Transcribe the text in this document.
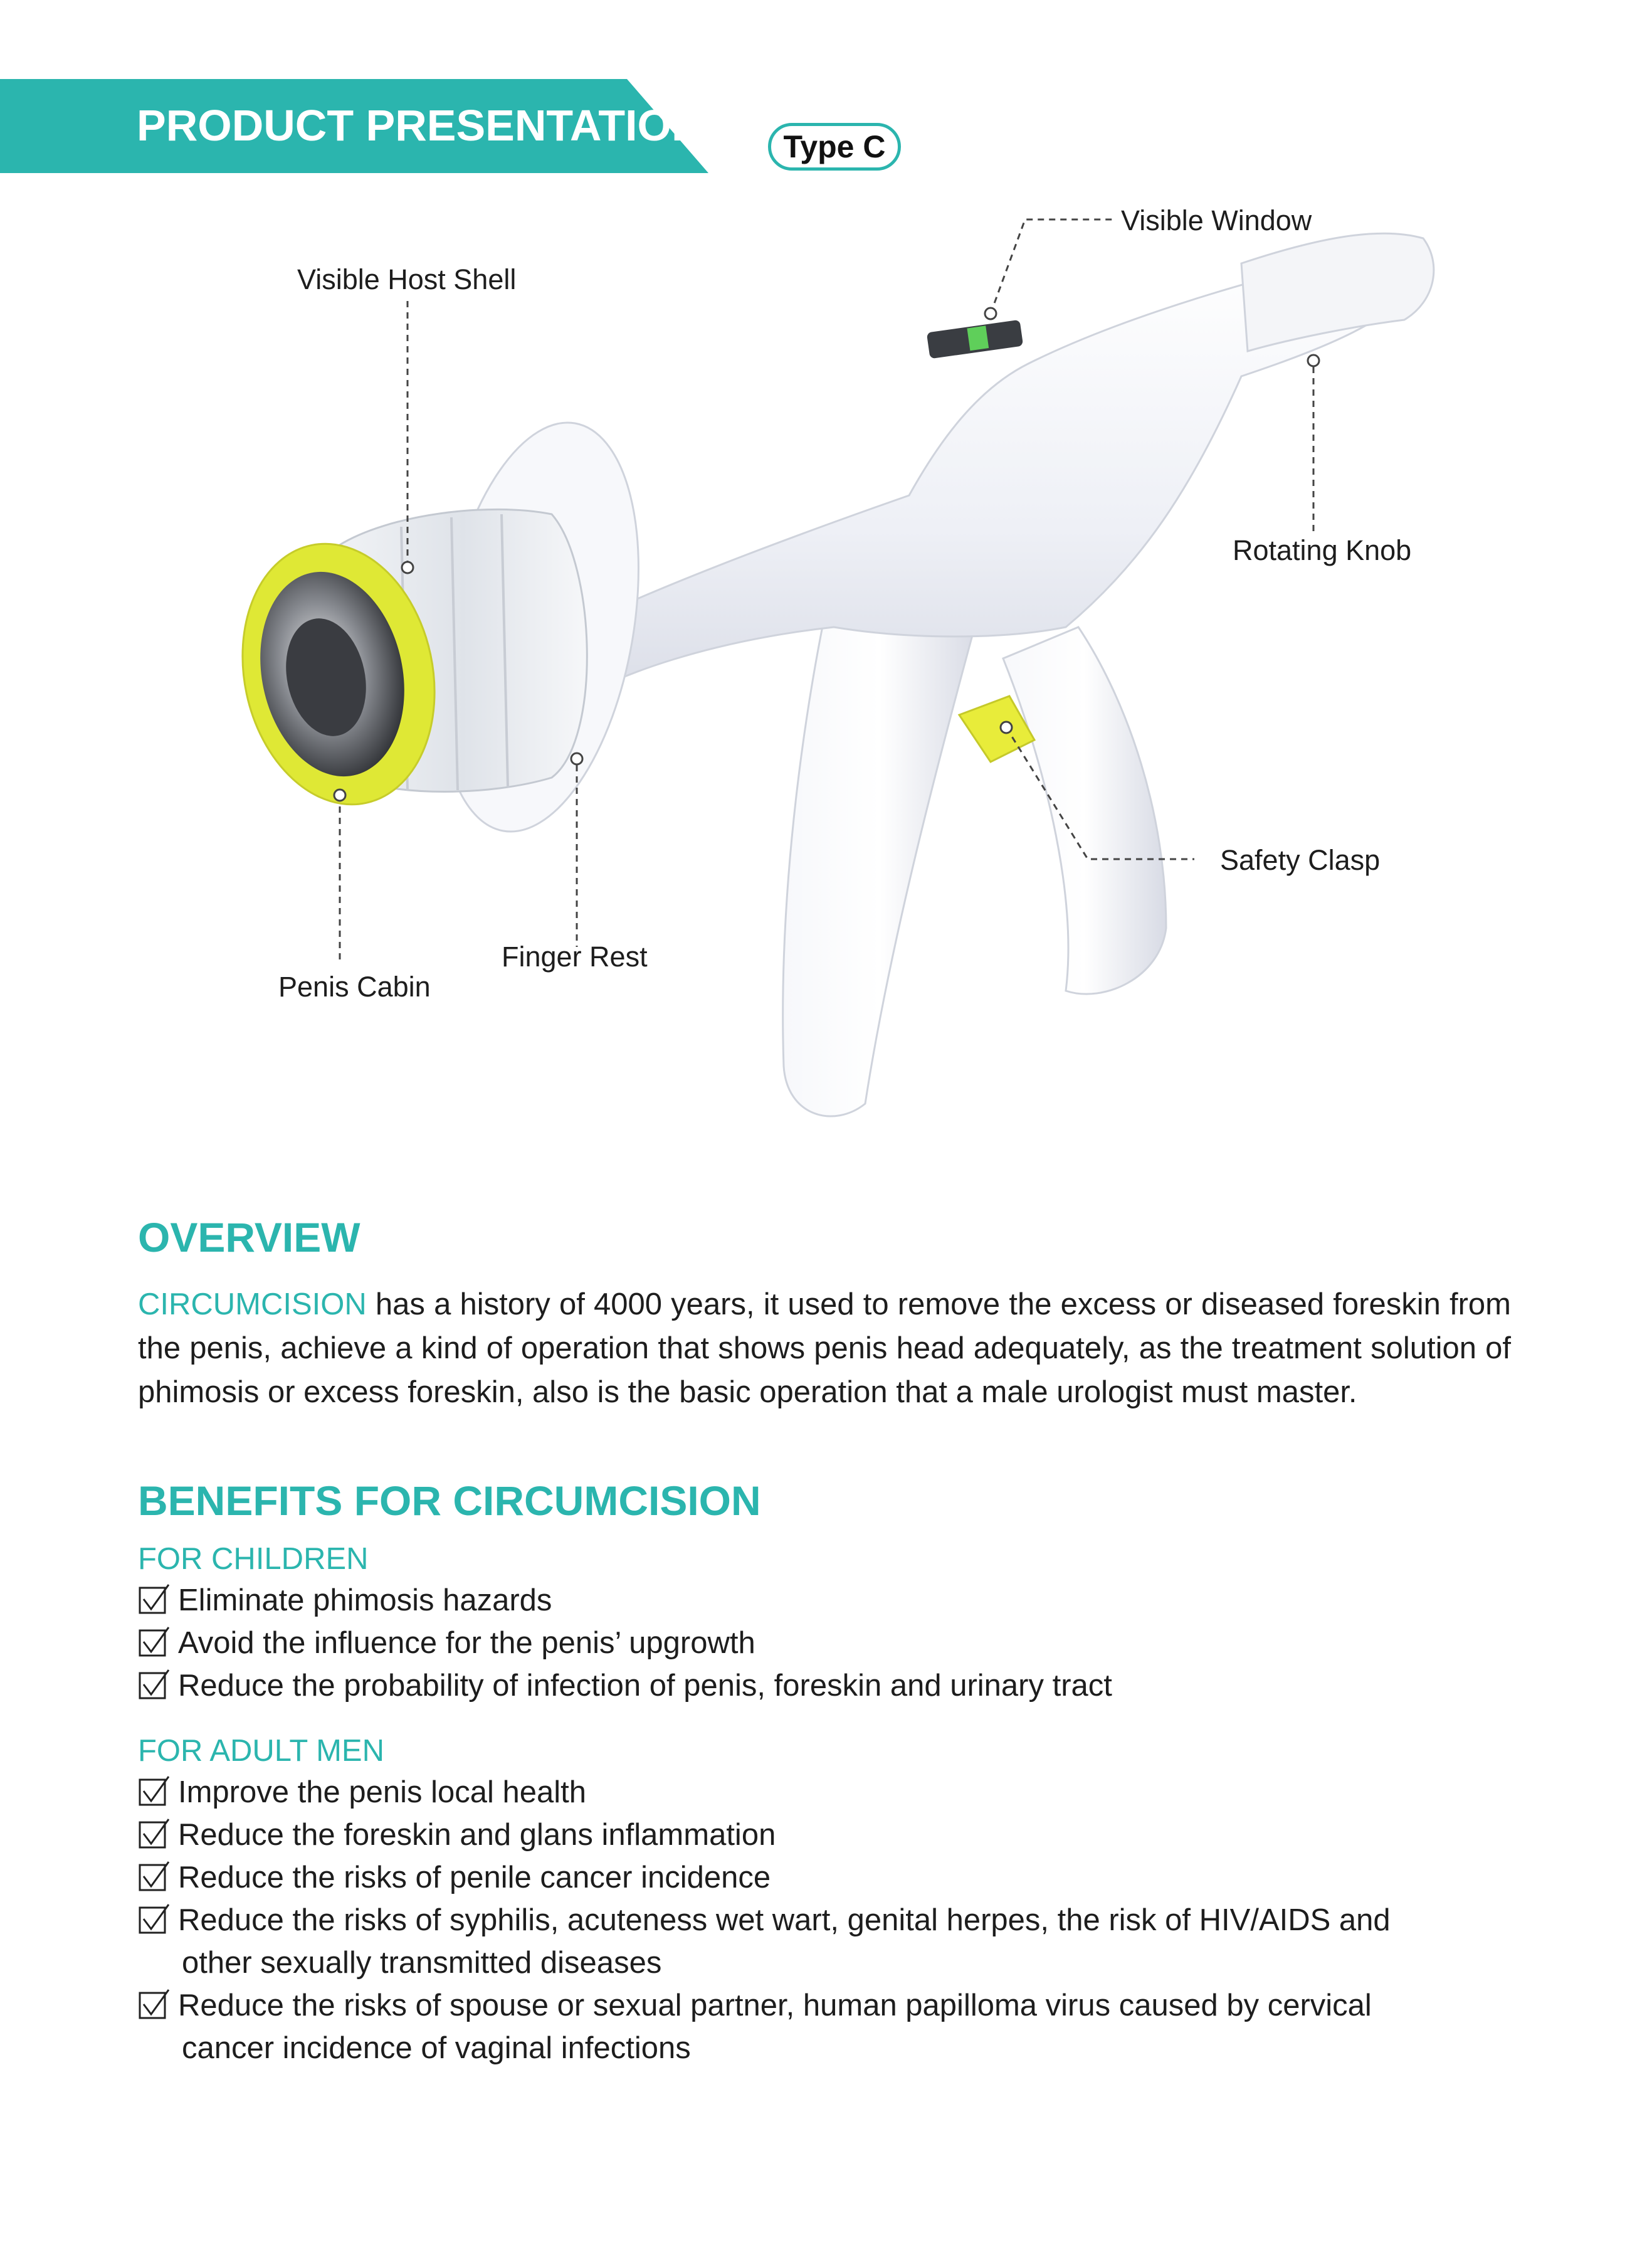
PRODUCT PRESENTATION	Type C
Visible Window
Visible Host Shell
Rotating Knob
Safety Clasp
Finger Rest
Penis Cabin
OVERVIEW
CIRCUMCISION has a history of 4000 years, it used to remove the excess or diseased foreskin from the penis, achieve a kind of operation that shows penis head adequately, as the treatment solution of phimosis or excess foreskin, also is the basic operation that a male urologist must master.
BENEFITS FOR CIRCUMCISION
FOR CHILDREN
Eliminate phimosis hazards
Avoid the influence for the penis’ upgrowth
Reduce the probability of infection of penis, foreskin and urinary tract
FOR ADULT MEN
Improve the penis local health
Reduce the foreskin and glans inflammation
Reduce the risks of penile cancer incidence
Reduce the risks of syphilis, acuteness wet wart, genital herpes, the risk of HIV/AIDS and
other sexually transmitted diseases
Reduce the risks of spouse or sexual partner, human papilloma virus caused by cervical
cancer incidence of vaginal infections
